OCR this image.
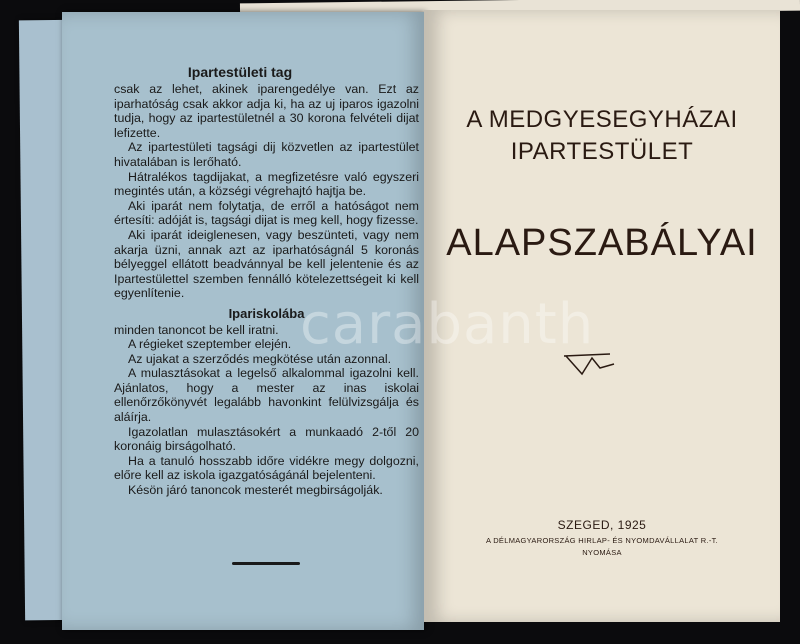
Ipartestületi tag

csak az lehet, akinek iparengedélye van. Ezt az iparhatóság csak akkor adja ki, ha az uj iparos igazolni tudja, hogy az ipartestületnél a 30 korona felvételi dijat lefizette.

Az ipartestületi tagsági dij közvetlen az ipartestület hivatalában is lerőható.

Hátralékos tagdijakat, a megfizetésre való egyszeri megintés után, a községi végrehajtó hajtja be.

Aki iparát nem folytatja, de erről a hatóságot nem értesíti: adóját is, tagsági dijat is meg kell, hogy fizesse.

Aki iparát ideiglenesen, vagy beszünteti, vagy nem akarja üzni, annak azt az iparhatóságnál 5 koronás bélyeggel ellátott beadvánnyal be kell jelentenie és az Ipartestülettel szemben fennálló kötelezettségeit ki kell egyenlítenie.

Ipariskolába

minden tanoncot be kell iratni.

A régieket szeptember elején.

Az ujakat a szerződés megkötése után azonnal.

A mulasztásokat a legelső alkalommal igazolni kell. Ajánlatos, hogy a mester az inas iskolai ellenőrzőkönyvét legalább havonkint felülvizsgálja és aláírja.

Igazolatlan mulasztásokért a munkaadó 2-től 20 koronáig birságolható.

Ha a tanuló hosszabb időre vidékre megy dolgozni, előre kell az iskola igazgatóságánál bejelenteni.

Késön járó tanoncok mesterét megbirságolják.

A MEDGYESEGYHÁZAI
IPARTESTÜLET
ALAPSZABÁLYAI
SZEGED, 1925
A DÉLMAGYARORSZÁG HIRLAP- ÉS NYOMDAVÁLLALAT R.-T.
NYOMÁSA
carabanth
